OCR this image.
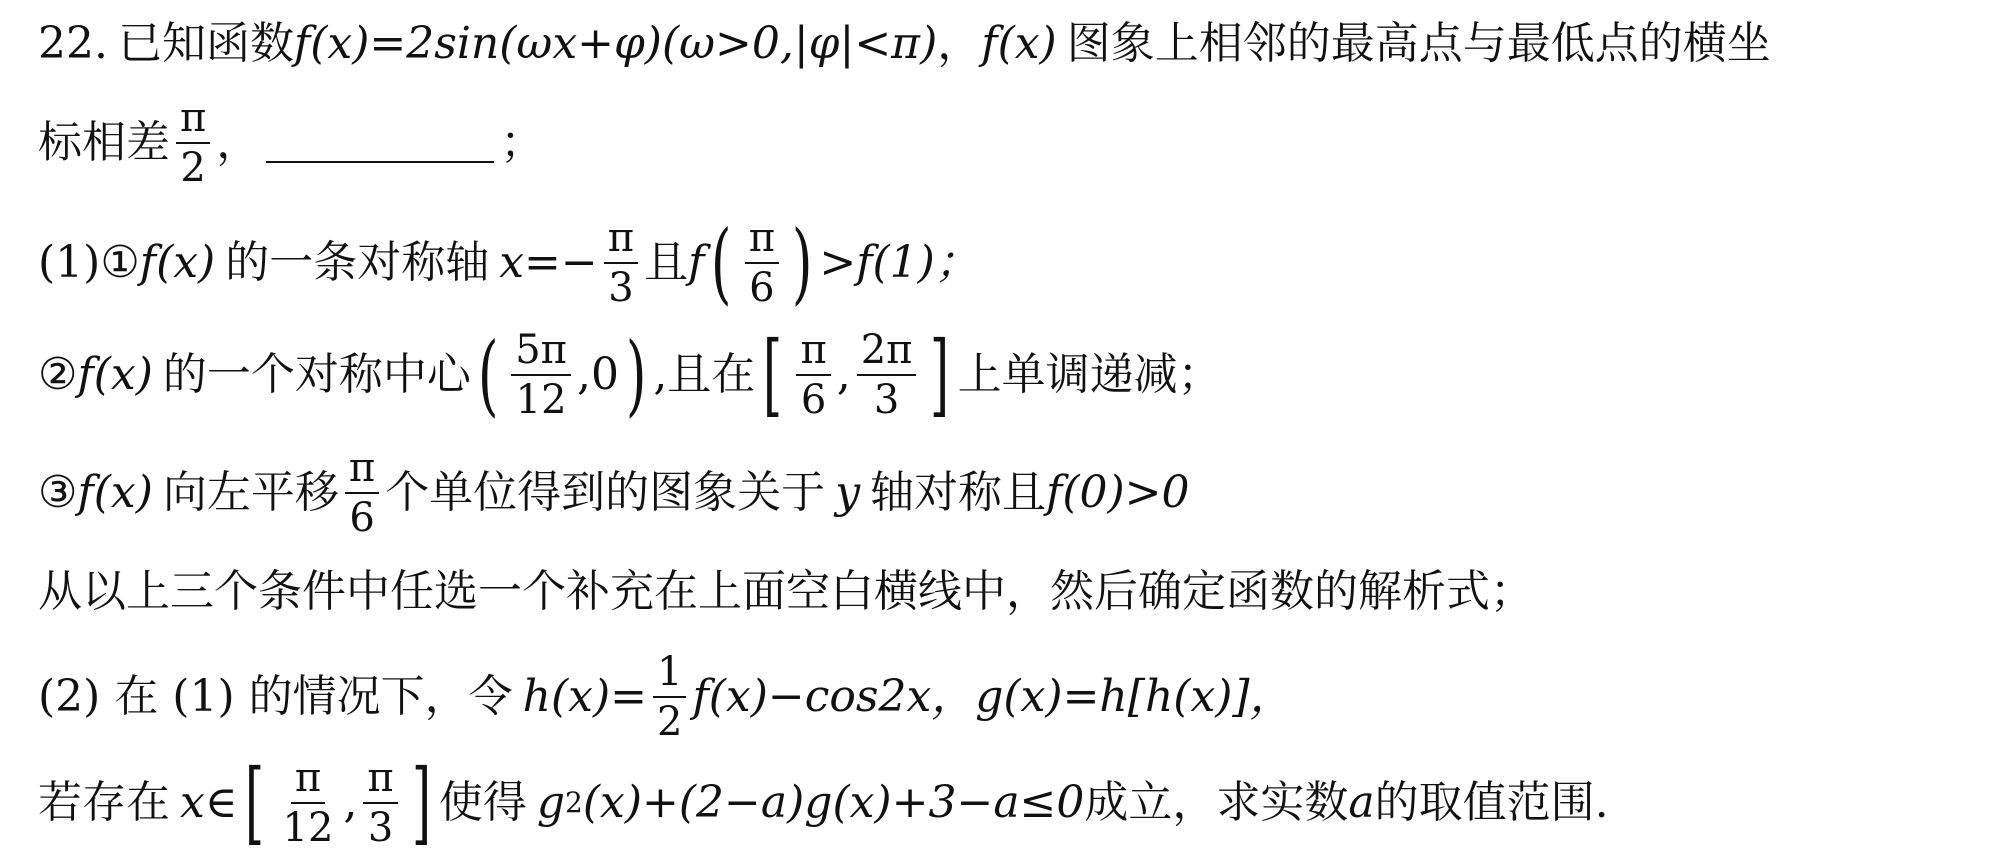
22. 已知函数 f(x)=2sin(ωx+φ)(ω>0,|φ|<π) ， f(x) 图象上相邻的最高点与最低点的横坐
标相差 $\frac{\pi}{2}$ ，	；
(1)① f(x) 的一条对称轴 $x=- \frac{\pi}{3}$ 且 f ( $\frac{\pi}{6}$ ) >f(1)；
② f(x) 的一个对称中心 ( $\frac{5\pi}{12} ,0$ ) ,且在 [ $\frac{\pi}{6}$ , $\frac{2\pi}{3}$ ] 上单调递减；
③ f(x) 向左平移 $\frac{\pi}{6}$ 个单位得到的图象关于 y 轴对称且 f(0)>0
从以上三个条件中任选一个补充在上面空白横线中，然后确定函数的解析式；
(2) 在 (1) 的情况下，令 $h(x)= \frac{1}{2} f(x)-\cos 2x$，g(x)=h[h(x)]，
若存在 x∈ [ $\frac{\pi}{12}$ , $\frac{\pi}{3}$ ] 使得 g 2 (x)+(2−a)g(x)+3−a≤0 成立，求实数 a 的取值范围.
